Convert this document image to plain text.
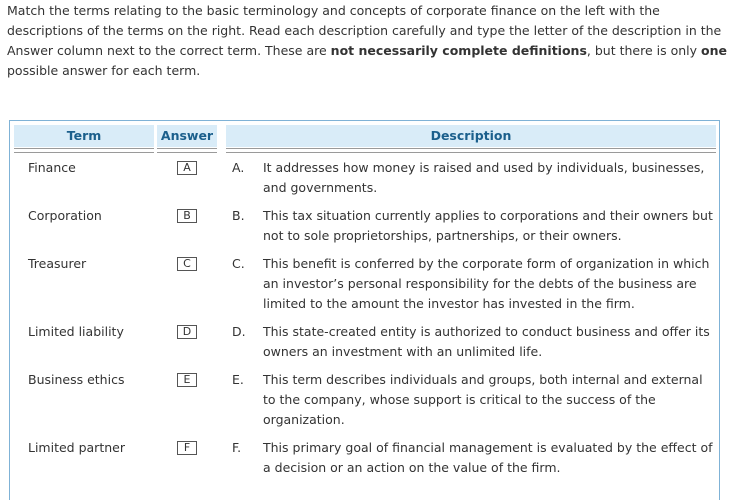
Match the terms relating to the basic terminology and concepts of corporate finance on the left with the descriptions of the terms on the right. Read each description carefully and type the letter of the description in the Answer column next to the correct term. These are not necessarily complete definitions, but there is only one possible answer for each term.

Term	Answer	Description
Finance	A	A. It addresses how money is raised and used by individuals, businesses, and governments.
Corporation	B	B. This tax situation currently applies to corporations and their owners but not to sole proprietorships, partnerships, or their owners.
Treasurer	C	C. This benefit is conferred by the corporate form of organization in which an investor’s personal responsibility for the debts of the business are limited to the amount the investor has invested in the firm.
Limited liability	D	D. This state-created entity is authorized to conduct business and offer its owners an investment with an unlimited life.
Business ethics	E	E. This term describes individuals and groups, both internal and external to the company, whose support is critical to the success of the organization.
Limited partner	F	F. This primary goal of financial management is evaluated by the effect of a decision or an action on the value of the firm.
